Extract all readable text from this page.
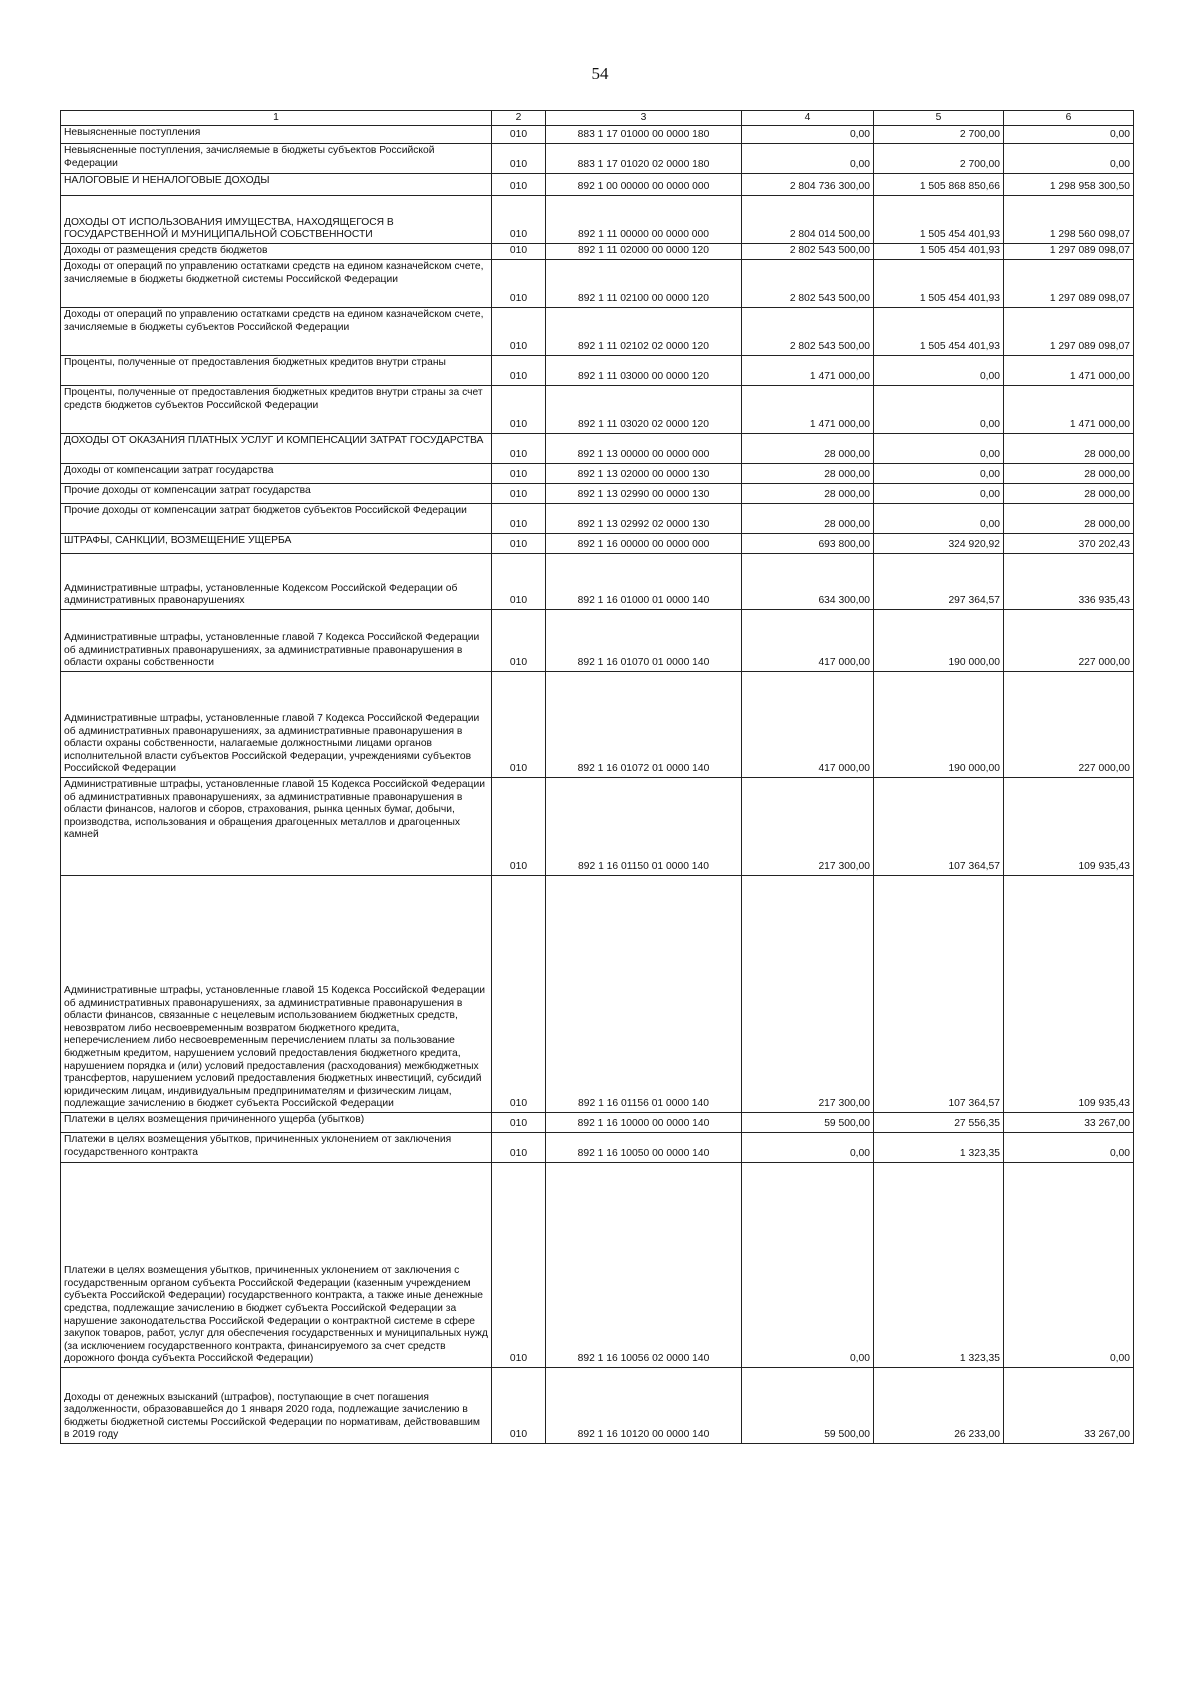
54
1	2	3	4	5	6
Невыясненные поступления	010	883 1 17 01000 00 0000 180	0,00	2 700,00	0,00
Невыясненные поступления, зачисляемые в бюджеты субъектов Российской Федерации	010	883 1 17 01020 02 0000 180	0,00	2 700,00	0,00
НАЛОГОВЫЕ И НЕНАЛОГОВЫЕ ДОХОДЫ	010	892 1 00 00000 00 0000 000	2 804 736 300,00	1 505 868 850,66	1 298 958 300,50
ДОХОДЫ ОТ ИСПОЛЬЗОВАНИЯ ИМУЩЕСТВА, НАХОДЯЩЕГОСЯ В ГОСУДАРСТВЕННОЙ И МУНИЦИПАЛЬНОЙ СОБСТВЕННОСТИ	010	892 1 11 00000 00 0000 000	2 804 014 500,00	1 505 454 401,93	1 298 560 098,07
Доходы от размещения средств бюджетов	010	892 1 11 02000 00 0000 120	2 802 543 500,00	1 505 454 401,93	1 297 089 098,07
Доходы от операций по управлению остатками средств на едином казначейском счете, зачисляемые в бюджеты бюджетной системы Российской Федерации	010	892 1 11 02100 00 0000 120	2 802 543 500,00	1 505 454 401,93	1 297 089 098,07
Доходы от операций по управлению остатками средств на едином казначейском счете, зачисляемые в бюджеты субъектов Российской Федерации	010	892 1 11 02102 02 0000 120	2 802 543 500,00	1 505 454 401,93	1 297 089 098,07
Проценты, полученные от предоставления бюджетных кредитов внутри страны	010	892 1 11 03000 00 0000 120	1 471 000,00	0,00	1 471 000,00
Проценты, полученные от предоставления бюджетных кредитов внутри страны за счет средств бюджетов субъектов Российской Федерации	010	892 1 11 03020 02 0000 120	1 471 000,00	0,00	1 471 000,00
ДОХОДЫ ОТ ОКАЗАНИЯ ПЛАТНЫХ УСЛУГ И КОМПЕНСАЦИИ ЗАТРАТ ГОСУДАРСТВА	010	892 1 13 00000 00 0000 000	28 000,00	0,00	28 000,00
Доходы от компенсации затрат государства	010	892 1 13 02000 00 0000 130	28 000,00	0,00	28 000,00
Прочие доходы от компенсации затрат государства	010	892 1 13 02990 00 0000 130	28 000,00	0,00	28 000,00
Прочие доходы от компенсации затрат бюджетов субъектов Российской Федерации	010	892 1 13 02992 02 0000 130	28 000,00	0,00	28 000,00
ШТРАФЫ, САНКЦИИ, ВОЗМЕЩЕНИЕ УЩЕРБА	010	892 1 16 00000 00 0000 000	693 800,00	324 920,92	370 202,43
Административные штрафы, установленные Кодексом Российской Федерации об административных правонарушениях	010	892 1 16 01000 01 0000 140	634 300,00	297 364,57	336 935,43
Административные штрафы, установленные главой 7 Кодекса Российской Федерации об административных правонарушениях, за административные правонарушения в области охраны собственности	010	892 1 16 01070 01 0000 140	417 000,00	190 000,00	227 000,00
Административные штрафы, установленные главой 7 Кодекса Российской Федерации об административных правонарушениях, за административные правонарушения в области охраны собственности, налагаемые должностными лицами органов исполнительной власти субъектов Российской Федерации, учреждениями субъектов Российской Федерации	010	892 1 16 01072 01 0000 140	417 000,00	190 000,00	227 000,00
Административные штрафы, установленные главой 15 Кодекса Российской Федерации об административных правонарушениях, за административные правонарушения в области финансов, налогов и сборов, страхования, рынка ценных бумаг, добычи, производства, использования и обращения драгоценных металлов и драгоценных камней	010	892 1 16 01150 01 0000 140	217 300,00	107 364,57	109 935,43
Административные штрафы, установленные главой 15 Кодекса Российской Федерации об административных правонарушениях, за административные правонарушения в области финансов, связанные с нецелевым использованием бюджетных средств, невозвратом либо несвоевременным возвратом бюджетного кредита, неперечислением либо несвоевременным перечислением платы за пользование бюджетным кредитом, нарушением условий предоставления бюджетного кредита, нарушением порядка и (или) условий предоставления (расходования) межбюджетных трансфертов, нарушением условий предоставления бюджетных инвестиций, субсидий юридическим лицам, индивидуальным предпринимателям и физическим лицам, подлежащие зачислению в бюджет субъекта Российской Федерации	010	892 1 16 01156 01 0000 140	217 300,00	107 364,57	109 935,43
Платежи в целях возмещения причиненного ущерба (убытков)	010	892 1 16 10000 00 0000 140	59 500,00	27 556,35	33 267,00
Платежи в целях возмещения убытков, причиненных уклонением от заключения государственного контракта	010	892 1 16 10050 00 0000 140	0,00	1 323,35	0,00
Платежи в целях возмещения убытков, причиненных уклонением от заключения с государственным органом субъекта Российской Федерации (казенным учреждением субъекта Российской Федерации) государственного контракта, а также иные денежные средства, подлежащие зачислению в бюджет субъекта Российской Федерации за нарушение законодательства Российской Федерации о контрактной системе в сфере закупок товаров, работ, услуг для обеспечения государственных и муниципальных нужд (за исключением государственного контракта, финансируемого за счет средств дорожного фонда субъекта Российской Федерации)	010	892 1 16 10056 02 0000 140	0,00	1 323,35	0,00
Доходы от денежных взысканий (штрафов), поступающие в счет погашения задолженности, образовавшейся до 1 января 2020 года, подлежащие зачислению в бюджеты бюджетной системы Российской Федерации по нормативам, действовавшим в 2019 году	010	892 1 16 10120 00 0000 140	59 500,00	26 233,00	33 267,00
